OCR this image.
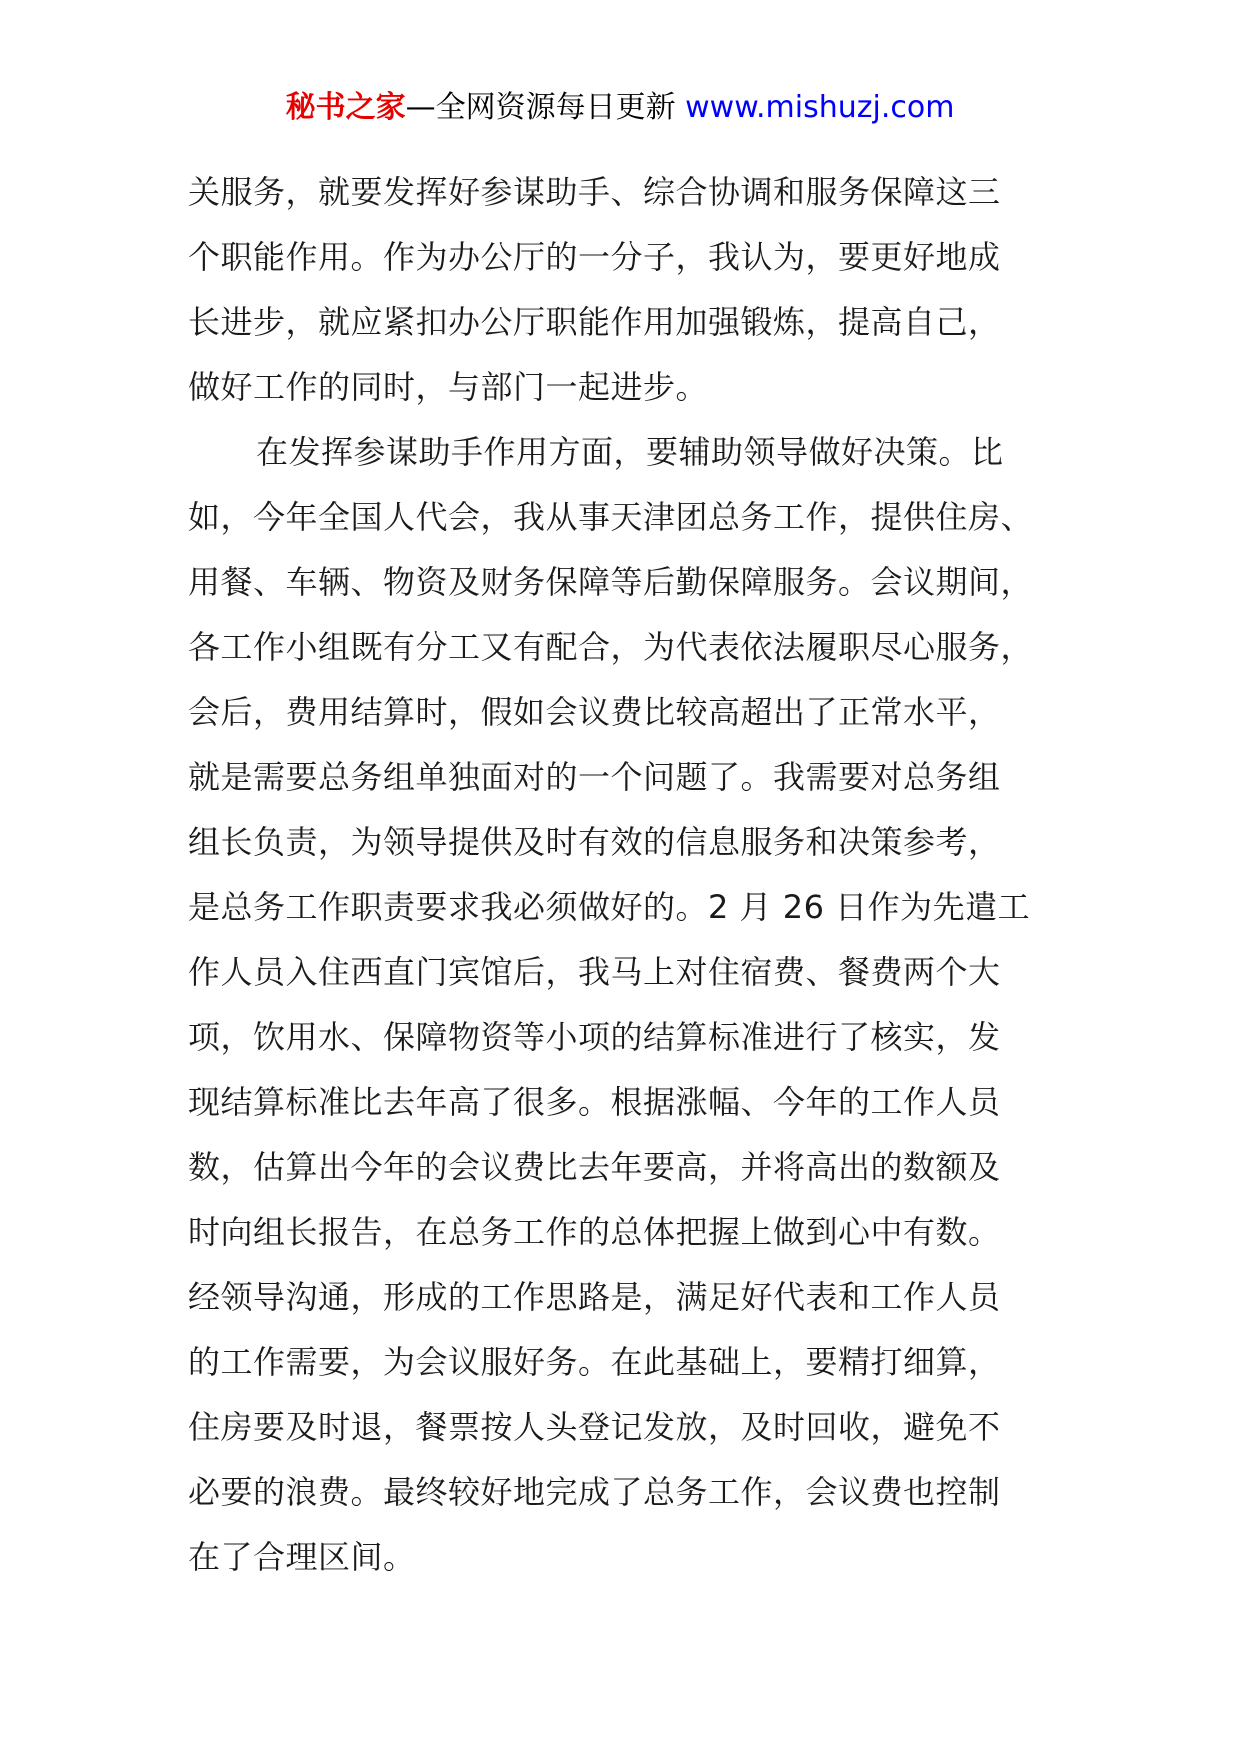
秘书之家—全网资源每日更新 www.mishuzj.com
关服务，就要发挥好参谋助手、综合协调和服务保障这三
个职能作用。作为办公厅的一分子，我认为，要更好地成
长进步，就应紧扣办公厅职能作用加强锻炼，提高自己，
做好工作的同时，与部门一起进步。
在发挥参谋助手作用方面，要辅助领导做好决策。比
如，今年全国人代会，我从事天津团总务工作，提供住房、
用餐、车辆、物资及财务保障等后勤保障服务。会议期间，
各工作小组既有分工又有配合，为代表依法履职尽心服务，
会后，费用结算时，假如会议费比较高超出了正常水平，
就是需要总务组单独面对的一个问题了。我需要对总务组
组长负责，为领导提供及时有效的信息服务和决策参考，
是总务工作职责要求我必须做好的。2 月 26 日作为先遣工
作人员入住西直门宾馆后，我马上对住宿费、餐费两个大
项，饮用水、保障物资等小项的结算标准进行了核实，发
现结算标准比去年高了很多。根据涨幅、今年的工作人员
数，估算出今年的会议费比去年要高，并将高出的数额及
时向组长报告，在总务工作的总体把握上做到心中有数。
经领导沟通，形成的工作思路是，满足好代表和工作人员
的工作需要，为会议服好务。在此基础上，要精打细算，
住房要及时退，餐票按人头登记发放，及时回收，避免不
必要的浪费。最终较好地完成了总务工作，会议费也控制
在了合理区间。
